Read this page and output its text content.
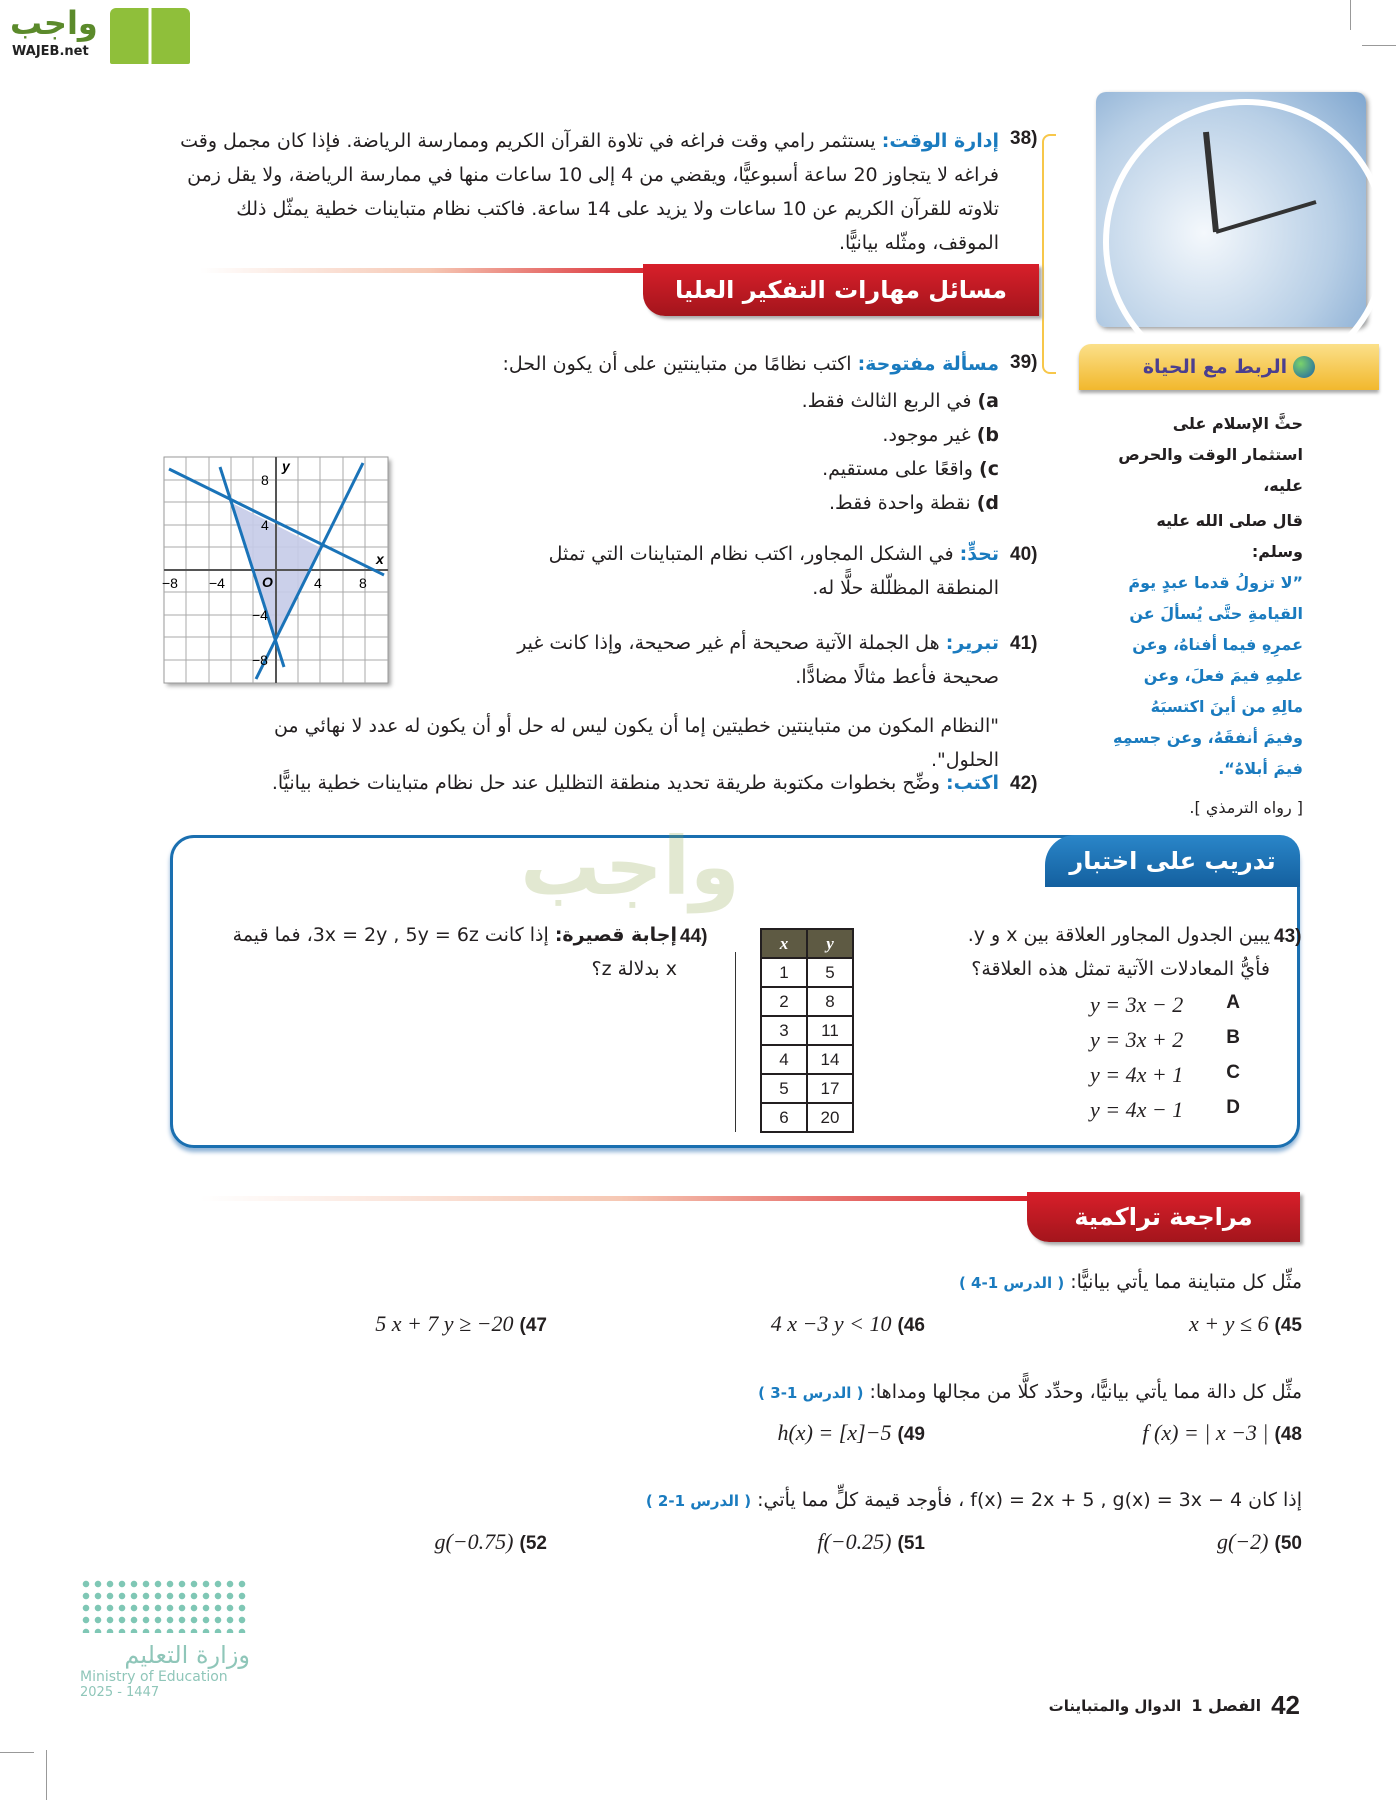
واجب
WAJEB.net
إدارة الوقت: يستثمر رامي وقت فراغه في تلاوة القرآن الكريم وممارسة الرياضة. فإذا كان مجمل وقت فراغه لا يتجاوز 20 ساعة أسبوعيًّا، ويقضي من 4 إلى 10 ساعات منها في ممارسة الرياضة، ولا يقل زمن تلاوته للقرآن الكريم عن 10 ساعات ولا يزيد على 14 ساعة. فاكتب نظام متباينات خطية يمثّل ذلك الموقف، ومثّله بيانيًّا.
38)
الربط مع الحياة
حثَّ الإسلام على استثمار الوقت والحرص عليه،
قال صلى الله عليه وسلم:
”لا تزولُ قدما عبدٍ يومَ القيامةِ حتَّى يُسألَ عن عمرِهِ فيما أفناهُ، وعن علمِهِ فيمَ فعلَ، وعن مالِهِ من أينَ اكتسبَهُ وفيمَ أنفقَهُ، وعن جسمِهِ فيمَ أبلاهُ“.
[ رواه الترمذي ].
مسائل مهارات التفكير العليا
39)
مسألة مفتوحة: اكتب نظامًا من متباينتين على أن يكون الحل:
a) في الربع الثالث فقط.
b) غير موجود.
c) واقعًا على مستقيم.
d) نقطة واحدة فقط.
−8 −4	4	8
8
4
−4
−8
O
x
y
40)
تحدٍّ: في الشكل المجاور، اكتب نظام المتباينات التي تمثل المنطقة المظلّلة حلًّا له.
41)
تبرير: هل الجملة الآتية صحيحة أم غير صحيحة، وإذا كانت غير صحيحة فأعط مثالًا مضادًّا.
"النظام المكون من متباينتين خطيتين إما أن يكون ليس له حل أو أن يكون له عدد لا نهائي من الحلول".
42)
اكتب: وضِّح بخطوات مكتوبة طريقة تحديد منطقة التظليل عند حل نظام متباينات خطية بيانيًّا.
تدريب على اختبار
واجب
43)
يبين الجدول المجاور العلاقة بين x و y.
فأيُّ المعادلات الآتية تمثل هذه العلاقة؟
y = 3x − 2 A
y = 3x + 2 B
y = 4x + 1 C
y = 4x − 1 D
x	y
1	5
2	8
3	11
4	14
5	17
6	20
44)
إجابة قصيرة: إذا كانت 3x = 2y , 5y = 6z، فما قيمة x بدلالة z؟
مراجعة تراكمية
مثِّل كل متباينة مما يأتي بيانيًّا: ( الدرس 1-4 )
45) x + y ≤ 6
46) 4 x −3 y < 10
47) 5 x + 7 y ≥ −20
مثِّل كل دالة مما يأتي بيانيًّا، وحدِّد كلًّا من مجالها ومداها: ( الدرس 1-3 )
48) f (x) = | x −3 |
49) h(x) = [x]−5
إذا كان f(x) = 2x + 5 , g(x) = 3x − 4 ، فأوجد قيمة كلٍّ مما يأتي: ( الدرس 1-2 )
50) g(−2)
51) f(−0.25)
52) g(−0.75)
وزارة التعليم
Ministry of Education
2025 - 1447	42
الفصل 1
الدوال والمتباينات
